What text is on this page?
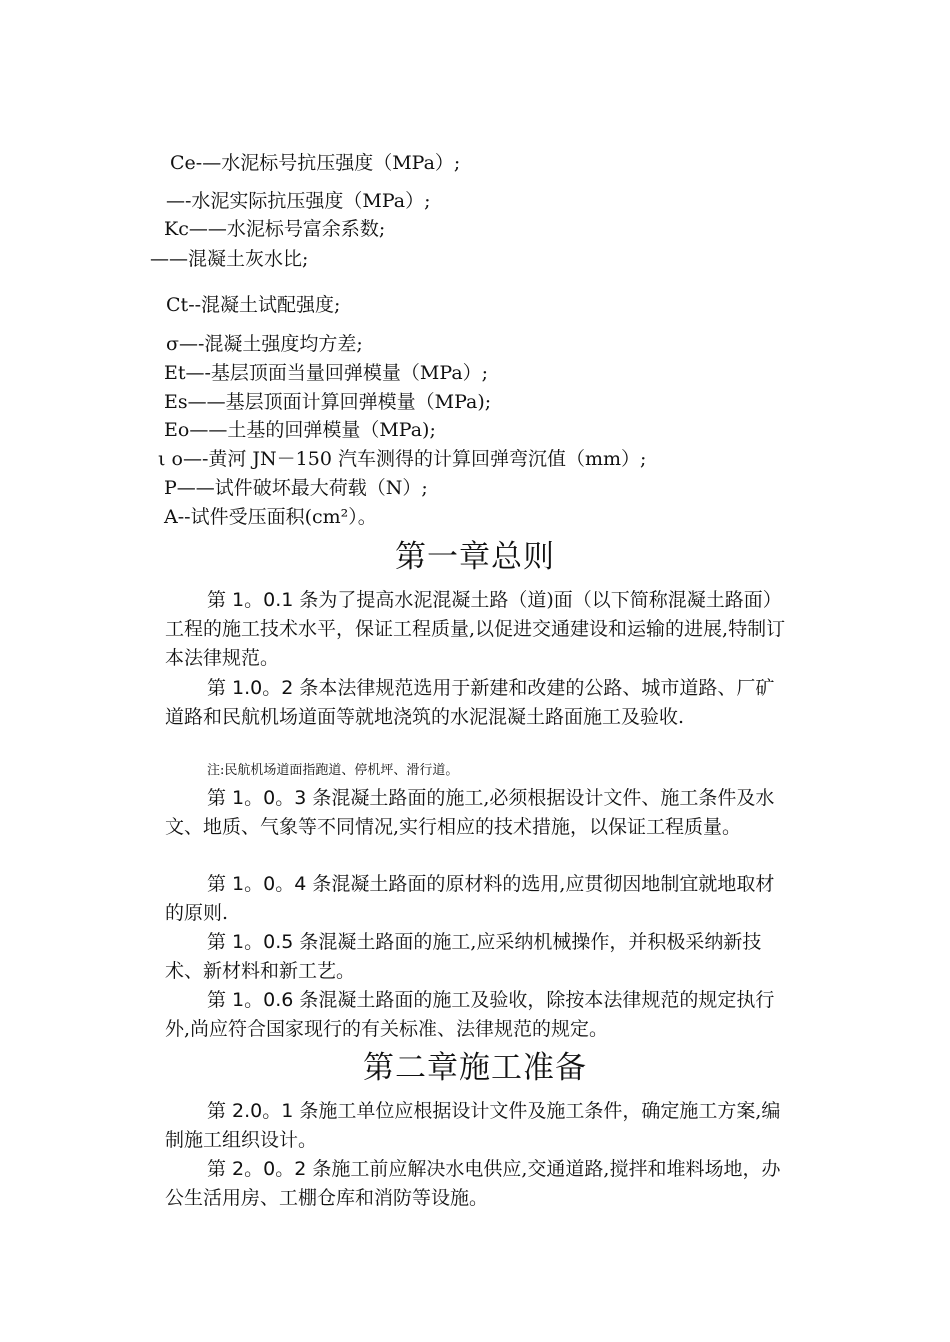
Ce-—水泥标号抗压强度（MPa）;
—-水泥实际抗压强度（MPa）;
Kc——水泥标号富余系数;
——混凝土灰水比;
Ct--混凝土试配强度;
σ—-混凝土强度均方差;
Et—-基层顶面当量回弹模量（MPa）;
Es——基层顶面计算回弹模量（MPa);
Eo——土基的回弹模量（MPa);
ι o—-黄河 JN－150 汽车测得的计算回弹弯沉值（mm）;
P——试件破坏最大荷载（N）;
A--试件受压面积(cm²）。
第一章总则
第 1。0.1 条为了提高水泥混凝土路（道)面（以下简称混凝土路面）工程的施工技术水平，保证工程质量,以促进交通建设和运输的进展,特制订本法律规范。
第 1.0。2 条本法律规范选用于新建和改建的公路、城市道路、厂矿道路和民航机场道面等就地浇筑的水泥混凝土路面施工及验收.
注:民航机场道面指跑道、停机坪、滑行道。
第 1。0。3 条混凝土路面的施工,必须根据设计文件、施工条件及水文、地质、气象等不同情况,实行相应的技术措施，以保证工程质量。
第 1。0。4 条混凝土路面的原材料的选用,应贯彻因地制宜就地取材的原则.
第 1。0.5 条混凝土路面的施工,应采纳机械操作，并积极采纳新技术、新材料和新工艺。
第 1。0.6 条混凝土路面的施工及验收，除按本法律规范的规定执行外,尚应符合国家现行的有关标准、法律规范的规定。
第二章施工准备
第 2.0。1 条施工单位应根据设计文件及施工条件，确定施工方案,编制施工组织设计。
第 2。0。2 条施工前应解决水电供应,交通道路,搅拌和堆料场地，办公生活用房、工棚仓库和消防等设施。
